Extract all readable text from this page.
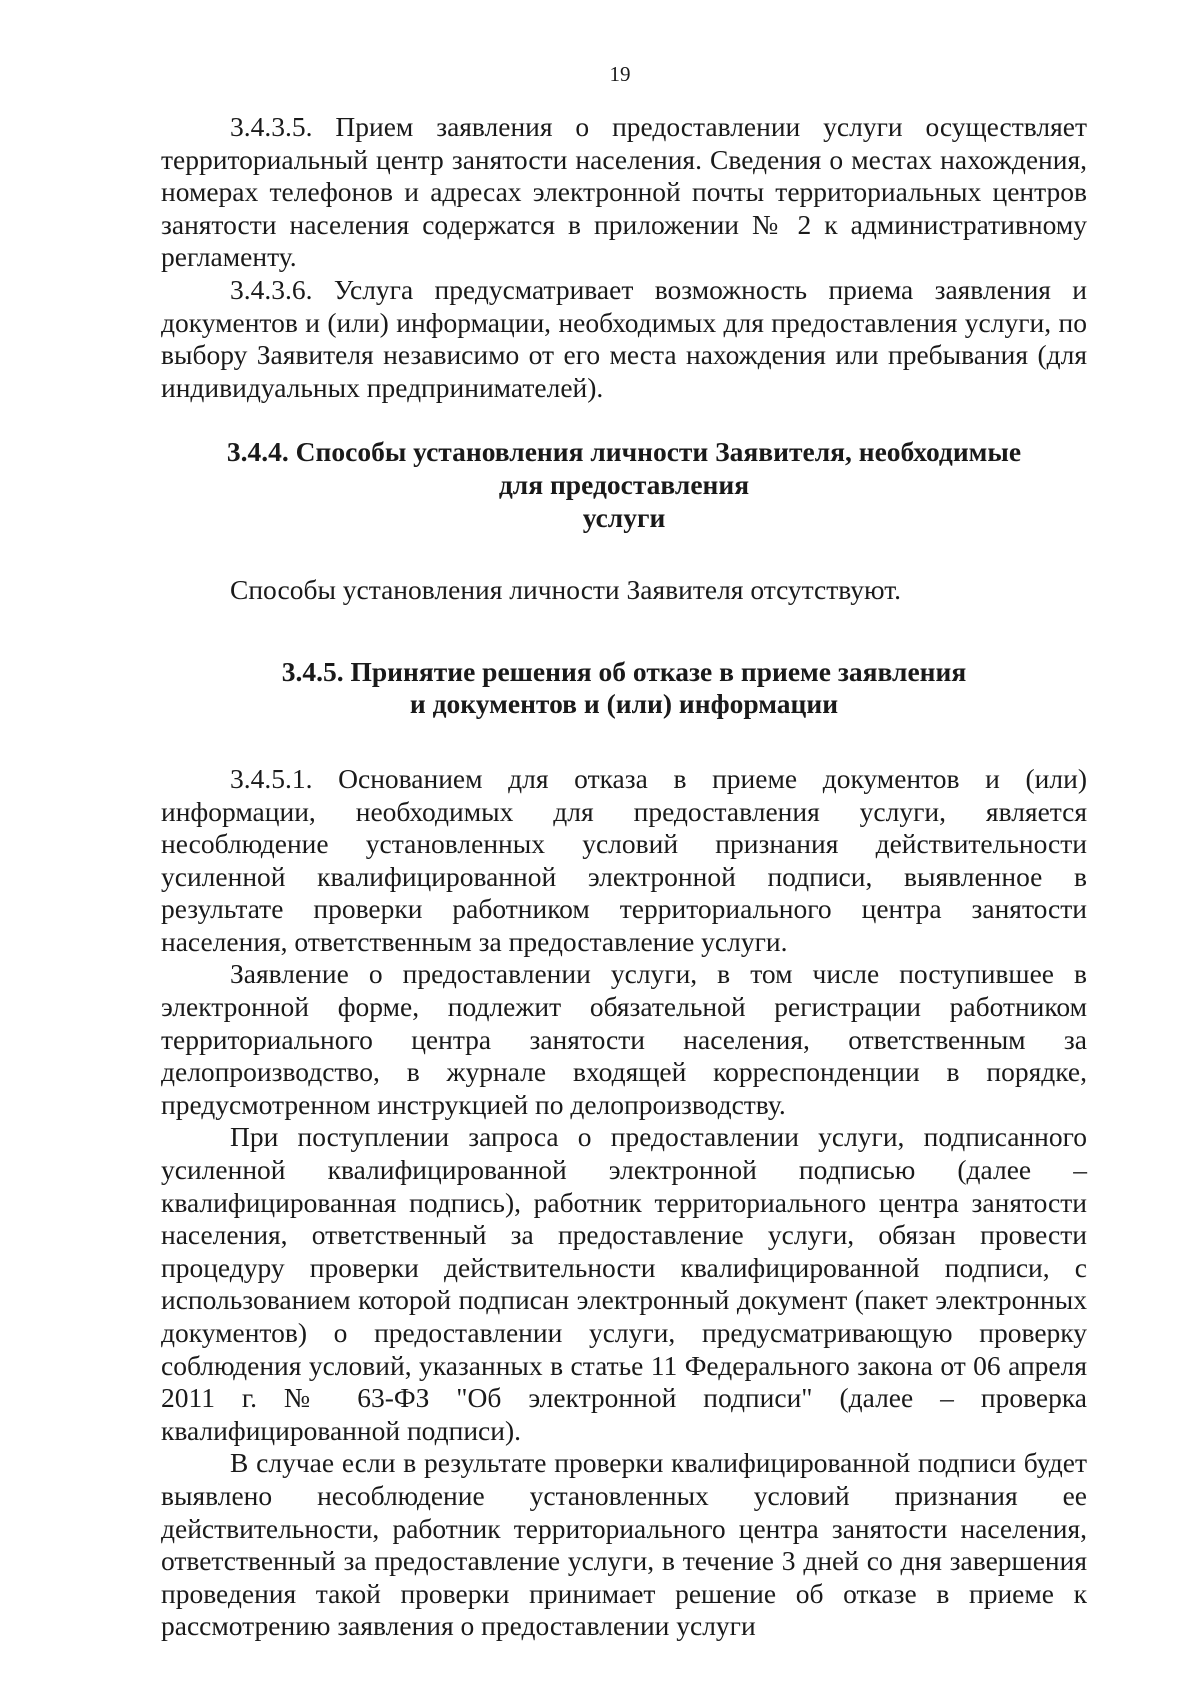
19

3.4.3.5. Прием заявления о предоставлении услуги осуществляет территориальный центр занятости населения. Сведения о местах нахождения, номерах телефонов и адресах электронной почты территориальных центров занятости населения содержатся в приложении № 2 к административному регламенту.

3.4.3.6. Услуга предусматривает возможность приема заявления и документов и (или) информации, необходимых для предоставления услуги, по выбору Заявителя независимо от его места нахождения или пребывания (для индивидуальных предпринимателей).

3.4.4. Способы установления личности Заявителя, необходимые
для предоставления
услуги

Способы установления личности Заявителя отсутствуют.

3.4.5. Принятие решения об отказе в приеме заявления
и документов и (или) информации

3.4.5.1. Основанием для отказа в приеме документов и (или) информации, необходимых для предоставления услуги, является несоблюдение установленных условий признания действительности усиленной квалифицированной электронной подписи, выявленное в результате проверки работником территориального центра занятости населения, ответственным за предоставление услуги.

Заявление о предоставлении услуги, в том числе поступившее в электронной форме, подлежит обязательной регистрации работником территориального центра занятости населения, ответственным за делопроизводство, в журнале входящей корреспонденции в порядке, предусмотренном инструкцией по делопроизводству.

При поступлении запроса о предоставлении услуги, подписанного усиленной квалифицированной электронной подписью (далее – квалифицированная подпись), работник территориального центра занятости населения, ответственный за предоставление услуги, обязан провести процедуру проверки действительности квалифицированной подписи, с использованием которой подписан электронный документ (пакет электронных документов) о предоставлении услуги, предусматривающую проверку соблюдения условий, указанных в статье 11 Федерального закона от 06 апреля 2011 г. № 63-ФЗ "Об электронной подписи" (далее – проверка квалифицированной подписи).

В случае если в результате проверки квалифицированной подписи будет выявлено несоблюдение установленных условий признания ее действительности, работник территориального центра занятости населения, ответственный за предоставление услуги, в течение 3 дней со дня завершения проведения такой проверки принимает решение об отказе в приеме к рассмотрению заявления о предоставлении услуги
